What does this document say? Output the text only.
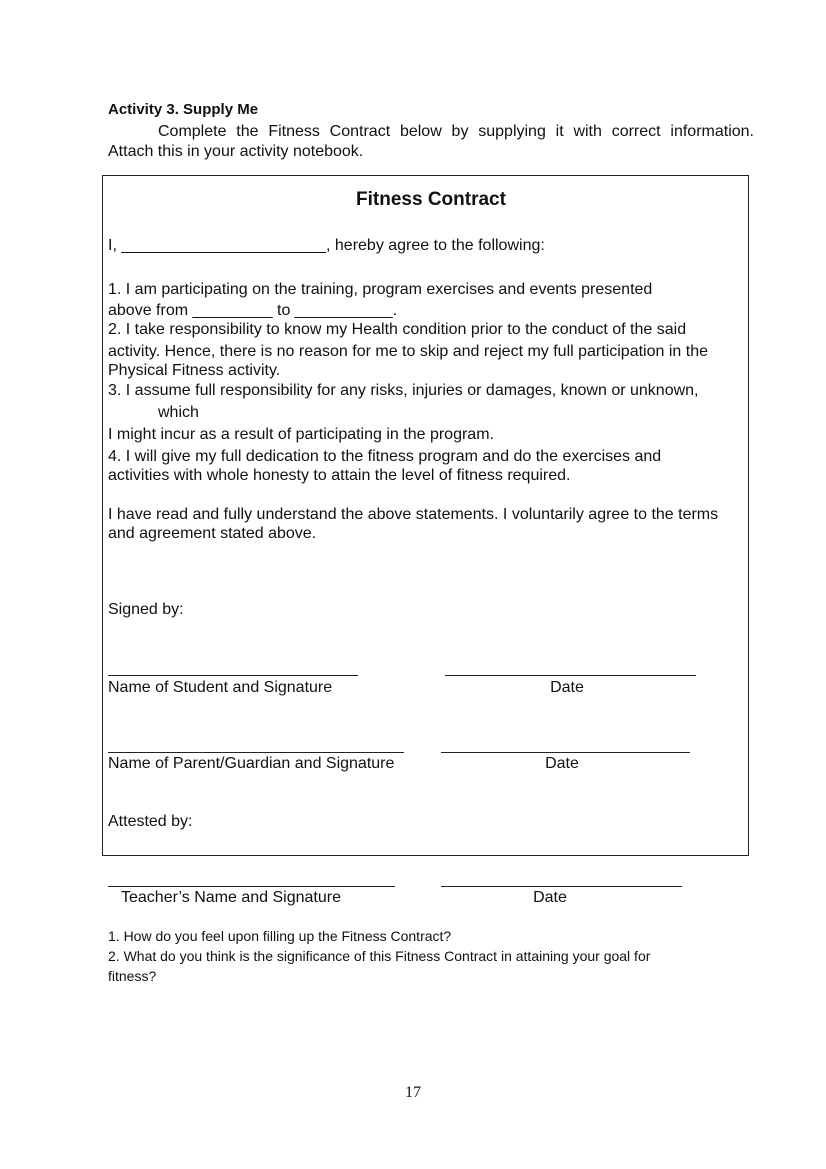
Activity 3. Supply Me
Complete the Fitness Contract below by supplying it with correct information.
Attach this in your activity notebook.
Fitness Contract
I, _______________________, hereby agree to the following:
1. I am participating on the training, program exercises and events presented
above from _________ to ___________.
2. I take responsibility to know my Health condition prior to the conduct of the said
activity. Hence, there is no reason for me to skip and reject my full participation in the
Physical Fitness activity.
3. I assume full responsibility for any risks, injuries or damages, known or unknown,
which
I might incur as a result of participating in the program.
4. I will give my full dedication to the fitness program and do the exercises and
activities with whole honesty to attain the level of fitness required.
I have read and fully understand the above statements. I voluntarily agree to the terms
and agreement stated above.
Signed by:
Name of Student and Signature	Date
Name of Parent/Guardian and Signature	Date
Attested by:
Teacher’s Name and Signature	Date
1. How do you feel upon filling up the Fitness Contract?
2. What do you think is the significance of this Fitness Contract in attaining your goal for
fitness?
17
